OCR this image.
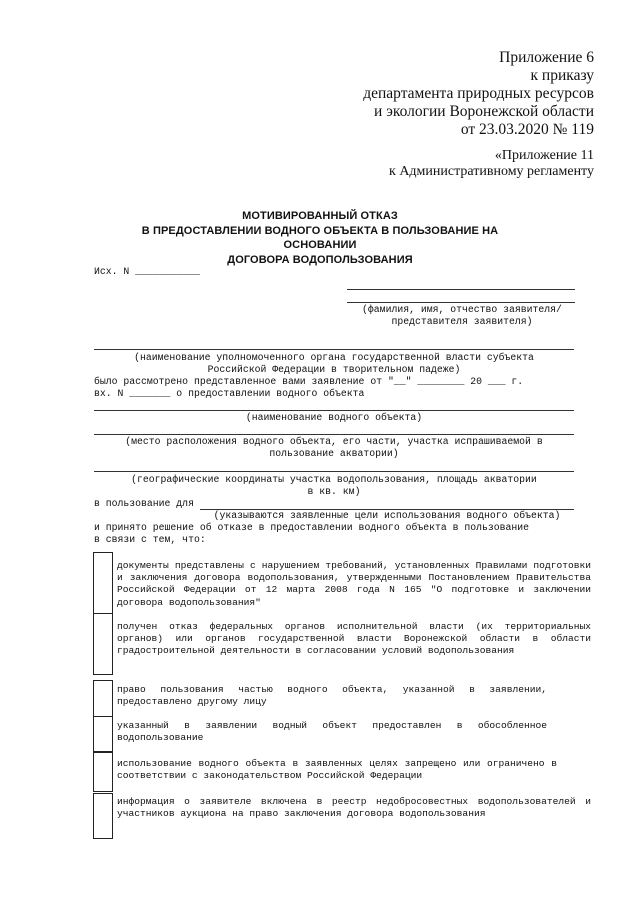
Приложение 6
к приказу
департамента природных ресурсов
и экологии Воронежской области
от 23.03.2020 № 119
«Приложение 11
к Административному регламенту
МОТИВИРОВАННЫЙ ОТКАЗ
В ПРЕДОСТАВЛЕНИИ ВОДНОГО ОБЪЕКТА В ПОЛЬЗОВАНИЕ НА ОСНОВАНИИ
ДОГОВОРА ВОДОПОЛЬЗОВАНИЯ
Исх. N ___________
(фамилия, имя, отчество заявителя/
представителя заявителя)
(наименование уполномоченного органа государственной власти субъекта
Российской Федерации в творительном падеже)
было рассмотрено представленное вами заявление от "__" ________ 20 ___ г.
вх. N _______ о предоставлении водного объекта
(наименование водного объекта)
(место расположения водного объекта, его части, участка испрашиваемой в
пользование акватории)
(географические координаты участка водопользования, площадь акватории
в кв. км)
в пользование для
(указываются заявленные цели использования водного объекта)
и принято решение об отказе в предоставлении водного объекта в пользование
в связи с тем, что:
документы представлены с нарушением требований, установленных Правилами подготовки и заключения договора водопользования, утвержденными Постановлением Правительства Российской Федерации от 12 марта 2008 года N 165 "О подготовке и заключении договора водопользования"
получен отказ федеральных органов исполнительной власти (их территориальных органов) или органов государственной власти Воронежской области в области градостроительной деятельности в согласовании условий водопользования
право пользования частью водного объекта, указанной в заявлении, предоставлено другому лицу
указанный в заявлении водный объект предоставлен в обособленное водопользование
использование водного объекта в заявленных целях запрещено или ограничено в соответствии с законодательством Российской Федерации
информация о заявителе включена в реестр недобросовестных водопользователей и участников аукциона на право заключения договора водопользования
